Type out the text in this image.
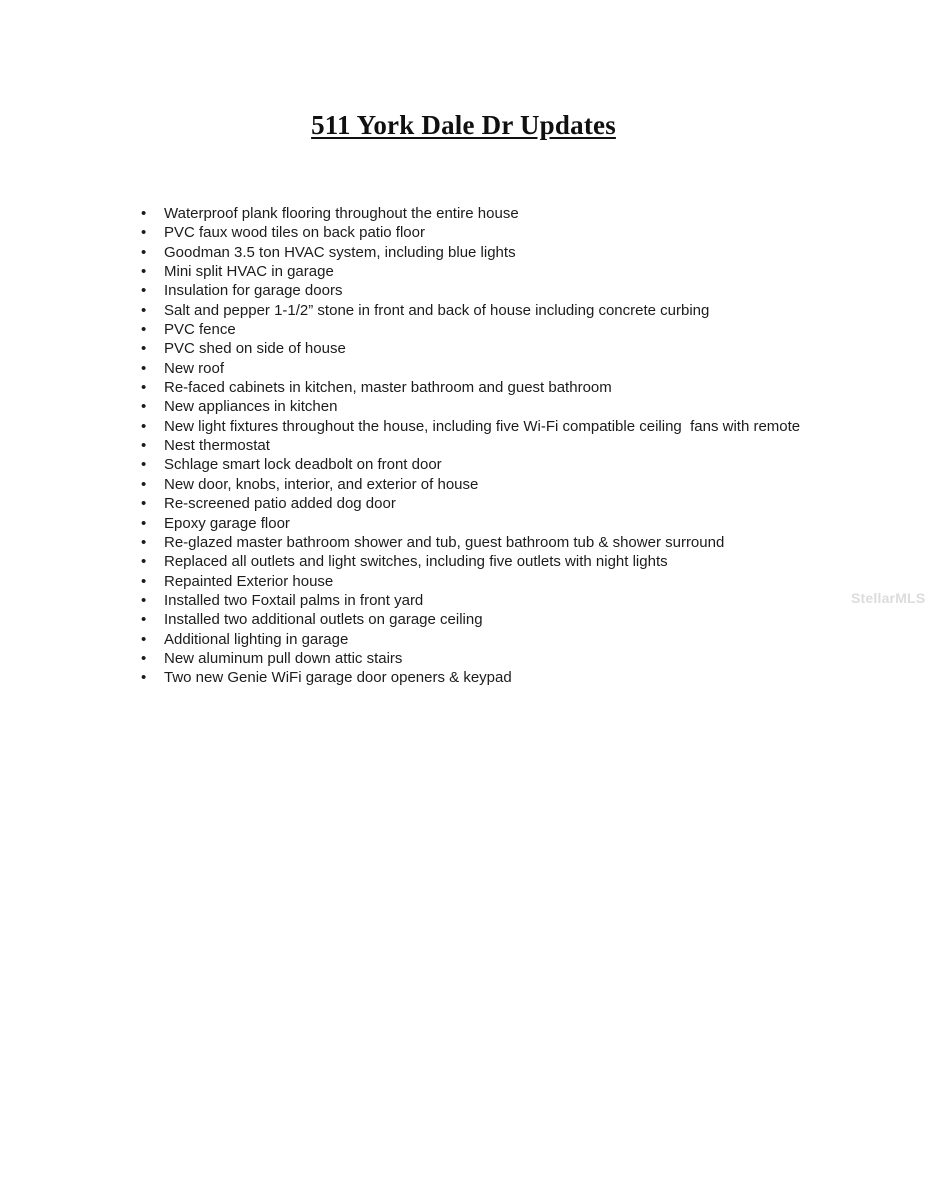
511 York Dale Dr Updates
• Waterproof plank flooring throughout the entire house
• PVC faux wood tiles on back patio floor
• Goodman 3.5 ton HVAC system, including blue lights
• Mini split HVAC in garage
• Insulation for garage doors
• Salt and pepper 1-1/2” stone in front and back of house including concrete curbing
• PVC fence
• PVC shed on side of house
• New roof
• Re-faced cabinets in kitchen, master bathroom and guest bathroom
• New appliances in kitchen
• New light fixtures throughout the house, including five Wi-Fi compatible ceiling  fans with remote
• Nest thermostat
• Schlage smart lock deadbolt on front door
• New door, knobs, interior, and exterior of house
• Re-screened patio added dog door
• Epoxy garage floor
• Re-glazed master bathroom shower and tub, guest bathroom tub & shower surround
• Replaced all outlets and light switches, including five outlets with night lights
• Repainted Exterior house
• Installed two Foxtail palms in front yard
• Installed two additional outlets on garage ceiling
• Additional lighting in garage
• New aluminum pull down attic stairs
• Two new Genie WiFi garage door openers & keypad
StellarMLS
